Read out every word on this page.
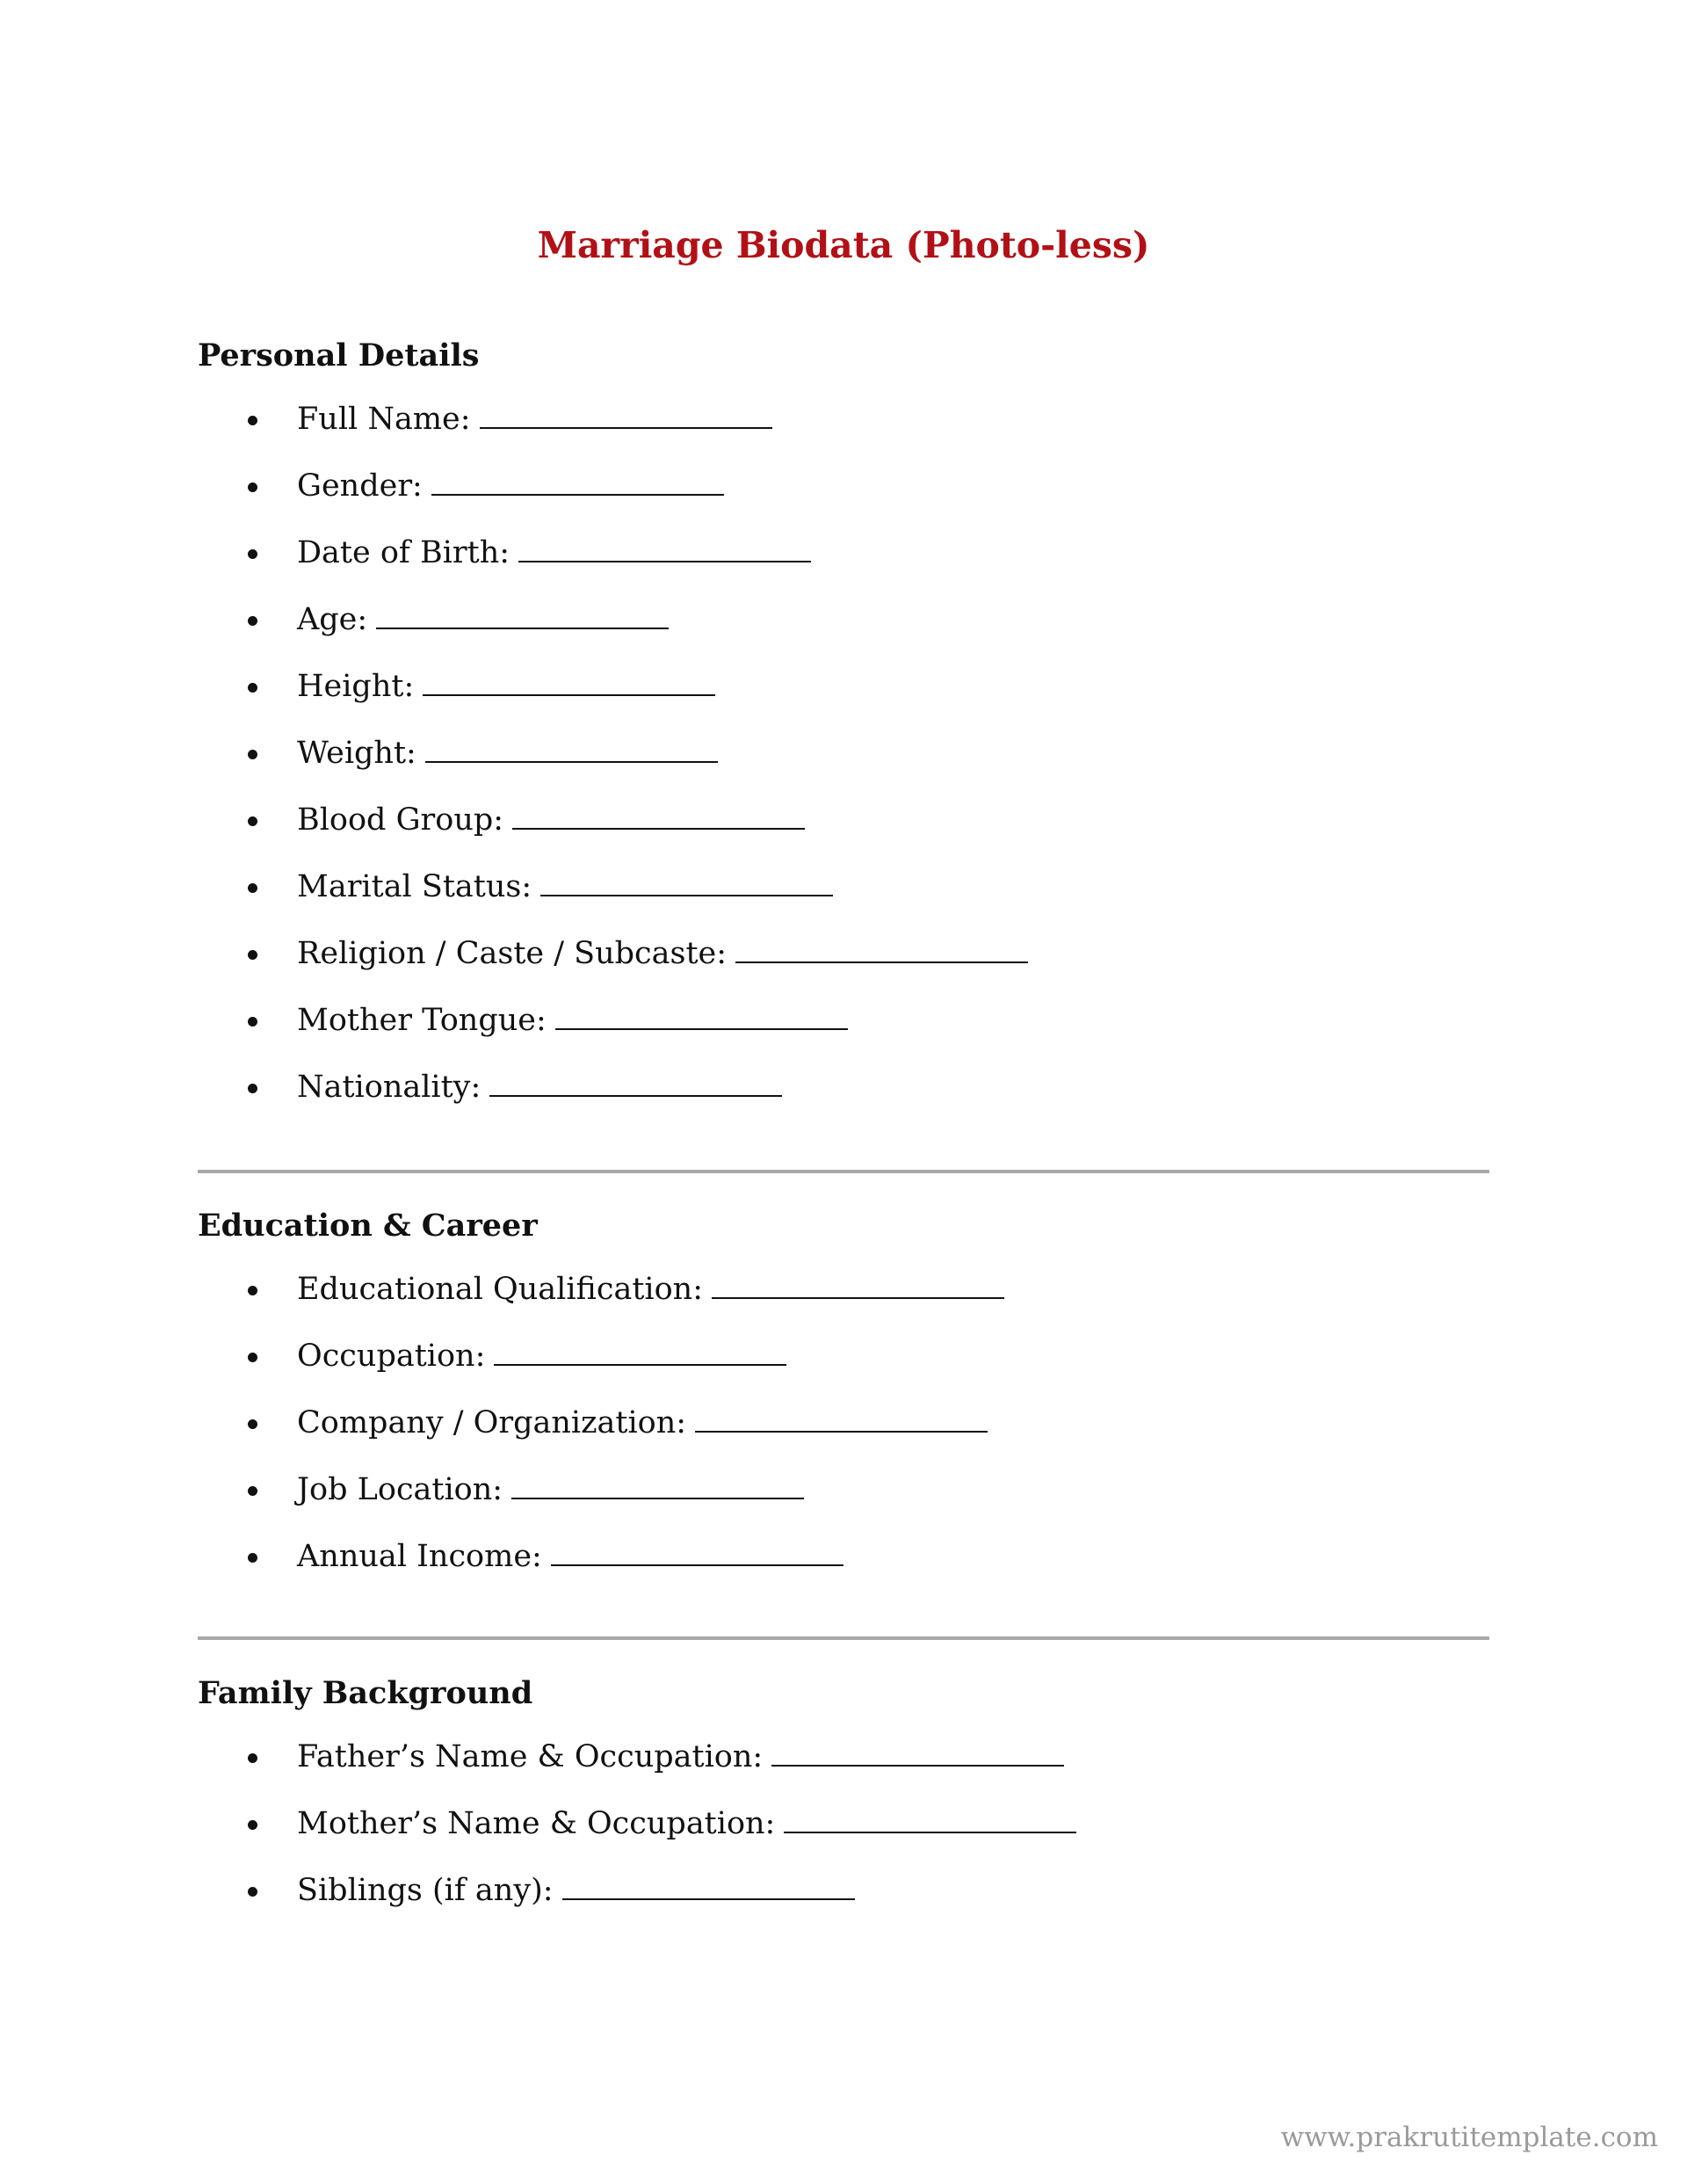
Marriage Biodata (Photo-less)
Personal Details
Full Name:
Gender:
Date of Birth:
Age:
Height:
Weight:
Blood Group:
Marital Status:
Religion / Caste / Subcaste:
Mother Tongue:
Nationality:
Education & Career
Educational Qualification:
Occupation:
Company / Organization:
Job Location:
Annual Income:
Family Background
Father’s Name & Occupation:
Mother’s Name & Occupation:
Siblings (if any):
www.prakrutitemplate.com
